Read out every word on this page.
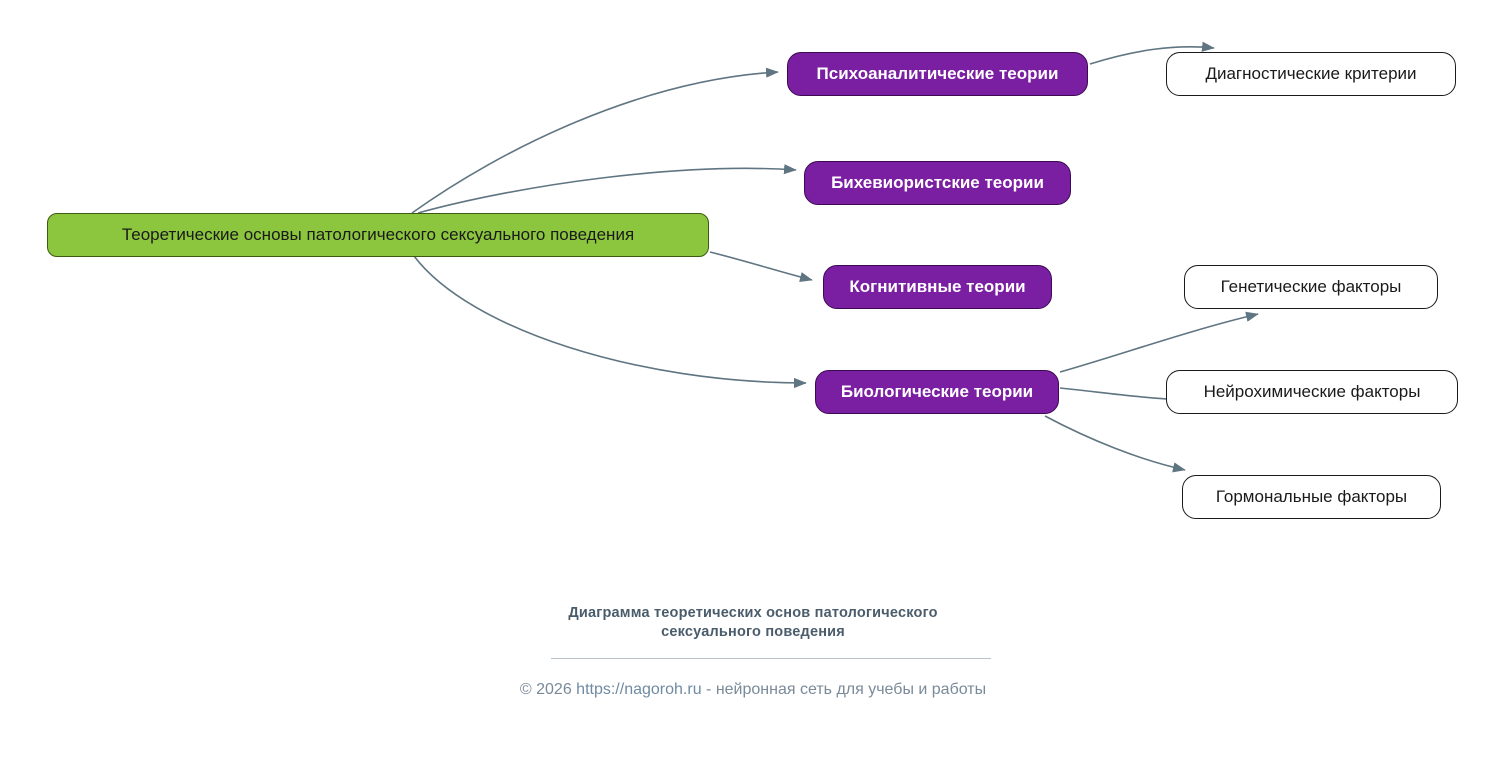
Теоретические основы патологического сексуального поведения
Психоаналитические теории
Бихевиористские теории
Когнитивные теории
Биологические теории
Диагностические критерии
Генетические факторы
Нейрохимические факторы
Гормональные факторы
Диаграмма теоретических основ патологического
сексуального поведения
© 2026 https://nagoroh.ru - нейронная сеть для учебы и работы
